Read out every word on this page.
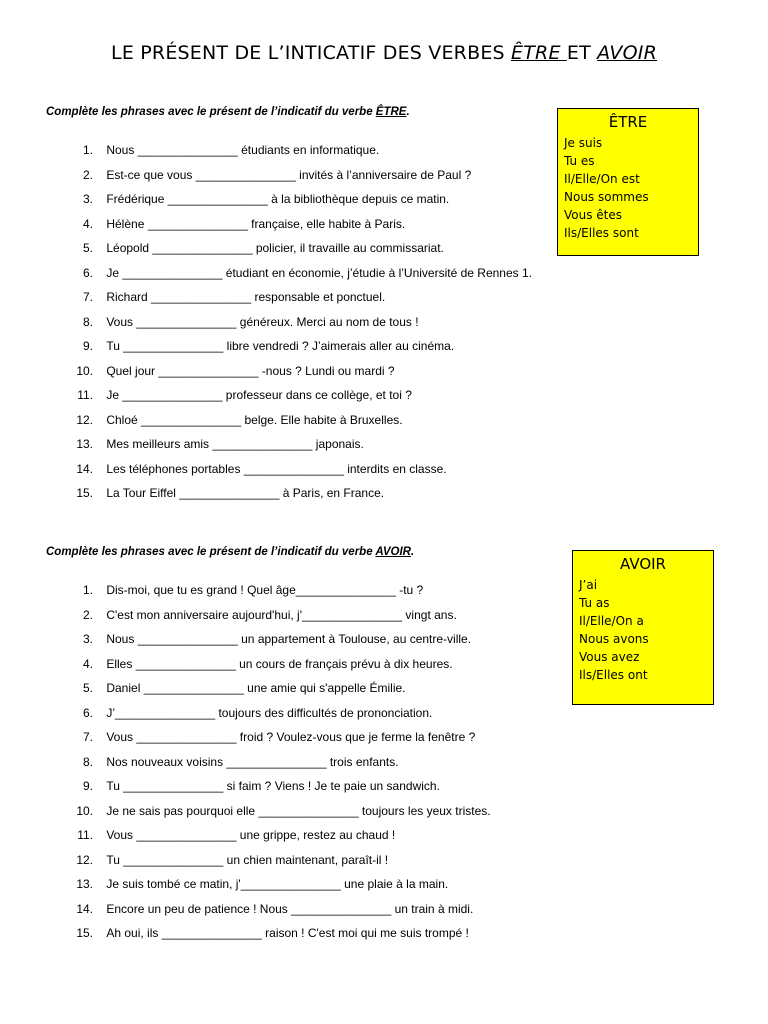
LE PRÉSENT DE L’INTICATIF DES VERBES ÊTRE ET AVOIR
Complète les phrases avec le présent de l’indicatif du verbe ÊTRE.
1. Nous _______________ étudiants en informatique.
2. Est-ce que vous _______________ invités à l’anniversaire de Paul ?
3. Frédérique _______________ à la bibliothèque depuis ce matin.
4. Hélène _______________ française, elle habite à Paris.
5. Léopold _______________ policier, il travaille au commissariat.
6. Je _______________ étudiant en économie, j’étudie à l’Université de Rennes 1.
7. Richard _______________ responsable et ponctuel.
8. Vous _______________ généreux. Merci au nom de tous !
9. Tu _______________ libre vendredi ? J’aimerais aller au cinéma.
10. Quel jour _______________ -nous ? Lundi ou mardi ?
11. Je _______________ professeur dans ce collège, et toi ?
12. Chloé _______________ belge. Elle habite à Bruxelles.
13. Mes meilleurs amis _______________ japonais.
14. Les téléphones portables _______________ interdits en classe.
15. La Tour Eiffel _______________ à Paris, en France.
ÊTRE
Je suis
Tu es
Il/Elle/On est
Nous sommes
Vous êtes
Ils/Elles sont
Complète les phrases avec le présent de l’indicatif du verbe AVOIR.
1. Dis-moi, que tu es grand ! Quel âge_______________ -tu ?
2. C'est mon anniversaire aujourd'hui, j'_______________ vingt ans.
3. Nous _______________ un appartement à Toulouse, au centre-ville.
4. Elles _______________ un cours de français prévu à dix heures.
5. Daniel _______________ une amie qui s'appelle Émilie.
6. J’_______________ toujours des difficultés de prononciation.
7. Vous _______________ froid ? Voulez-vous que je ferme la fenêtre ?
8. Nos nouveaux voisins _______________ trois enfants.
9. Tu _______________ si faim ? Viens ! Je te paie un sandwich.
10. Je ne sais pas pourquoi elle _______________ toujours les yeux tristes.
11. Vous _______________ une grippe, restez au chaud !
12. Tu _______________ un chien maintenant, paraît-il !
13. Je suis tombé ce matin, j'_______________ une plaie à la main.
14. Encore un peu de patience ! Nous _______________ un train à midi.
15. Ah oui, ils _______________ raison ! C'est moi qui me suis trompé !
AVOIR
J’ai
Tu as
Il/Elle/On a
Nous avons
Vous avez
Ils/Elles ont
